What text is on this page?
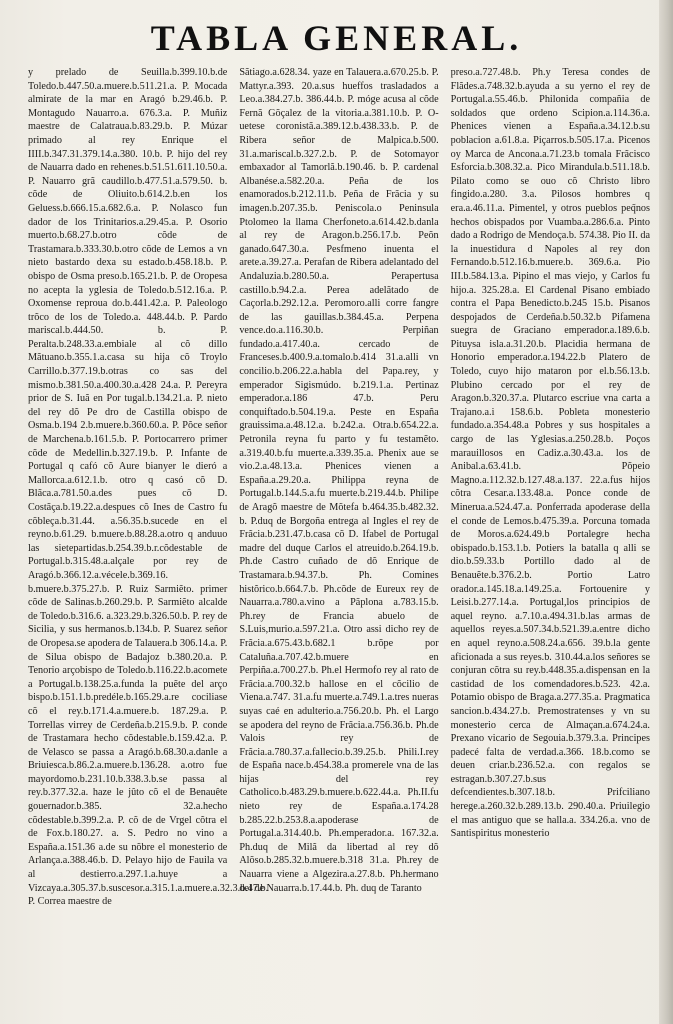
TABLA GENERAL.

y prelado de Seuilla.b.399.10.b.de Toledo.b.447.50.a.muere.b.511.21.a. P. Mocada almirate de la mar en Aragó b.29.46.b. P. Montagudo Nauarro.a. 676.3.a. P. Muñiz maestre de Calatraua.b.83.29.b. P. Múzar primado al rey Enrique el IIII.b.347.31.379.14.a.380. 10.b. P. hijo del rey de Nauarra dado en rehenes.b.51.51.611.10.50.a. P. Nauarro grã caudillo.b.477.51.a.579.50. b. cõde de Oliuito.b.614.2.b.en los Geluess.b.666.15.a.682.6.a. P. Nolasco fun dador de los Trinitarios.a.29.45.a. P. Osorio muerto.b.68.27.b.otro cõde de Trastamara.b.333.30.b.otro cõde de Lemos a vn nieto bastardo dexa su estado.b.458.18.b. P. obispo de Osma preso.b.165.21.b. P. de Oropesa no acepta la yglesia de Toledo.b.512.16.a. P. Oxomense reproua do.b.441.42.a. P. Paleologo trõco de los de Toledo.a. 448.44.b. P. Pardo mariscal.b.444.50. b. P. Peralta.b.248.33.a.embiale al cõ dillo Mãtuano.b.355.1.a.casa su hija cõ Troylo Carrillo.b.377.19.b.otras co sas del mismo.b.381.50.a.400.30.a.428 24.a. P. Pereyra prior de S. Iuã en Por tugal.b.134.21.a. P. nieto del rey dõ Pe dro de Castilla obispo de Osma.b.194 2.b.muere.b.360.60.a. P. Põce señor de Marchena.b.161.5.b. P. Portocarrero primer cõde de Medellin.b.327.19.b. P. Infante de Portugal q cafó cõ Aure bianyer le dieró a Mallorca.a.612.1.b. otro q casó cõ D. Blãca.a.781.50.a.des pues cõ D. Costãça.b.19.22.a.despues cõ Ines de Castro fu cõbleça.b.31.44. a.56.35.b.sucede en el reyno.b.61.29. b.muere.b.88.28.a.otro q anduuo las sietepartidas.b.254.39.b.r.cõdestable de Portugal.b.315.48.a.alçale por rey de Aragó.b.366.12.a.vécele.b.369.16. b.muere.b.375.27.b. P. Ruiz Sarmiẽto. primer cõde de Salinas.b.260.29.b. P. Sarmiẽto alcalde de Toledo.b.316.6. a.323.29.b.326.50.b. P. rey de Sicilia, y sus hermanos.b.134.b. P. Suarez señor de Oropesa.se apodera de Talauera.b 306.14.a. P. de Silua obispo de Badajoz b.380.20.a. P. Tenorio arçobispo de Toledo.b.116.22.b.acomete a Portugal.b.138.25.a.funda la puẽte del arço bispo.b.151.1.b.predéle.b.165.29.a.re cociliase cõ el rey.b.171.4.a.muere.b. 187.29.a. P. Torrellas virrey de Cerdeña.b.215.9.b. P. conde de Trastamara hecho cõdestable.b.159.42.a. P. de Velasco se passa a Aragó.b.68.30.a.danle a Briuiesca.b.86.2.a.muere.b.136.28. a.otro fue mayordomo.b.231.10.b.338.3.b.se passa al rey.b.377.32.a. haze le jûto cõ el de Benauête gouernador.b.385. 32.a.hecho cõdestable.b.399.2.a. P. cõ de de Vrgel cõtra el de Fox.b.180.27. a. S. Pedro no vino a España.a.151.36 a.de su nõbre el monesterio de Arlança.a.388.46.b. D. Pelayo hijo de Fauila va al destierro.a.297.1.a.huye a Vizcaya.a.305.37.b.suscesor.a.315.1.a.muere.a.32.3.b.47.b. P. Correa maestre de

Sãtiago.a.628.34. yaze en Talauera.a.670.25.b. P. Mattyr.a.393. 20.a.sus hueffos trasladados a Leo.a.384.27.b. 386.44.b. P. móge acusa al cõde Fernã Gõçalez de la vitoria.a.381.10.b. P. O-uetese coronistã.a.389.12.b.438.33.b. P. de Ribera señor de Malpica.b.500. 31.a.mariscal.b.327.2.b. P. de Sotomayor embaxador al Tamorlã.b.190.46. b. P. cardenal Albanése.a.582.20.a. Peña de los enamorados.b.212.11.b. Peña de Frãcia y su imagen.b.207.35.b. Peniscola.o Peninsula Ptolomeo la llama Cherfoneto.a.614.42.b.danla al rey de Aragon.b.256.17.b. Peõn ganado.647.30.a. Pesfmeno inuenta el arete.a.39.27.a. Perafan de Ribera adelantado del Andaluzia.b.280.50.a. Perapertusa castillo.b.94.2.a. Perea adelãtado de Caçorla.b.292.12.a. Peromoro.alli corre fangre de las gauillas.b.384.45.a. Perpena vence.do.a.116.30.b. Perpiñan fundado.a.417.40.a. cercado de Franceses.b.400.9.a.tomalo.b.414 31.a.alli vn concilio.b.206.22.a.habla del Papa.rey, y emperador Sigismúdo. b.219.1.a. Pertinaz emperador.a.186 47.b. Peru conquiftado.b.504.19.a. Peste en España grauissima.a.48.12.a. b.242.a. Otra.b.654.22.a. Petronila reyna fu parto y fu testamẽto. a.319.40.b.fu muerte.a.339.35.a. Phenix aue se vio.2.a.48.13.a. Phenices vienen a España.a.29.20.a. Philippa reyna de Portugal.b.144.5.a.fu muerte.b.219.44.b. Philipe de Aragõ maestre de Mõtefa b.464.35.b.482.32. b. P.duq de Borgoña entrega al Ingles el rey de Frãcia.b.231.47.b.casa cõ D. Ifabel de Portugal madre del duque Carlos el atreuido.b.264.19.b. Ph.de Castro cuñado de dõ Enrique de Trastamara.b.94.37.b. Ph. Comines histõrico.b.664.7.b. Ph.cõde de Eureux rey de Nauarra.a.780.a.vino a Pãplona a.783.15.b. Ph.rey de Francia abuelo de S.Luis,murio.a.597.21.a. Otro assi dicho rey de Frãcia.a.675.43.b.682.1 b.rõpe por Cataluña.a.707.42.b.muere en Perpiña.a.700.27.b. Ph.el Hermofo rey al rato de Frãcia.a.700.32.b hallose en el cõcilio de Viena.a.747. 31.a.fu muerte.a.749.1.a.tres nueras suyas caé en adulterio.a.756.20.b. Ph. el Largo se apodera del reyno de Frãcia.a.756.36.b. Ph.de Valois rey de Frãcia.a.780.37.a.fallecio.b.39.25.b. Phili.I.rey de España nace.b.454.38.a promerele vna de las hijas del rey Catholico.b.483.29.b.muere.b.622.44.a. Ph.II.fu nieto rey de España.a.174.28 b.285.22.b.253.8.a.apoderase de Portugal.a.314.40.b. Ph.emperador.a. 167.32.a. Ph.duq de Milã da libertad al rey dõ Alõso.b.285.32.b.muere.b.318 31.a. Ph.rey de Nauarra viene a Algezira.a.27.8.b. Ph.hermano del de Nauarra.b.17.44.b. Ph. duq de Taranto

preso.a.727.48.b. Ph.y Teresa condes de Flãdes.a.748.32.b.ayuda a su yerno el rey de Portugal.a.55.46.b. Philonida compañia de soldados que ordeno Scipion.a.114.36.a. Phenices vienen a España.a.34.12.b.su poblacion a.61.8.a. Piçarros.b.505.17.a. Picenos oy Marca de Ancona.a.71.23.b tomala Frãcisco Esforcia.b.308.32.a. Pico Mirandula.b.511.18.b. Pilato como se ouo cõ Christo libro fingido.a.280. 3.a. Pilosos hombres q era.a.46.11.a. Pimentel, y otros pueblos peq̃nos hechos obispados por Vuamba.a.286.6.a. Pinto dado a Rodrigo de Mendoça.b. 574.38. Pio II. da la inuestidura d Napoles al rey don Fernando.b.512.16.b.muere.b. 369.6.a. Pio III.b.584.13.a. Pipino el mas viejo, y Carlos fu hijo.a. 325.28.a. El Cardenal Pisano embiado contra el Papa Benedicto.b.245 15.b. Pisanos despojados de Cerdeña.b.50.32.b Pifamena suegra de Graciano emperador.a.189.6.b. Pituysa isla.a.31.20.b. Placidia hermana de Honorio emperador.a.194.22.b Platero de Toledo, cuyo hijo mataron por el.b.56.13.b. Plubino cercado por el rey de Aragon.b.320.37.a. Plutarco escriue vna carta a Trajano.a.i 158.6.b. Pobleta monesterio fundado.a.354.48.a Pobres y sus hospitales a cargo de las Yglesias.a.250.28.b. Poços marauillosos en Cadiz.a.30.43.a. los de Anibal.a.63.41.b. Põpeio Magno.a.112.32.b.127.48.a.137. 22.a.fus hijos cõtra Cesar.a.133.48.a. Ponce conde de Minerua.a.524.47.a. Ponferrada apoderase della el conde de Lemos.b.475.39.a. Porcuna tomada de Moros.a.624.49.b Portalegre hecha obispado.b.153.1.b. Potiers la batalla q alli se dio.b.59.33.b Portillo dado al de Benauẽte.b.376.2.b. Portio Latro orador.a.145.18.a.149.25.a. Fortouenire y Leisi.b.277.14.a. Portugal,los principios de aquel reyno. a.7.10.a.494.31.b.las armas de aquellos reyes.a.507.34.b.521.39.a.entre dicho en aquel reyno.a.508.24.a.656. 39.b.la gente aficionada a sus reyes.b. 310.44.a.los señores se conjuran cõtra su rey.b.448.35.a.dispensan en la castidad de los comendadores.b.523. 42.a. Potamio obispo de Braga.a.277.35.a. Pragmatica sancion.b.434.27.b. Premostratenses y vn su monesterio cerca de Almaçan.a.674.24.a. Prexano vicario de Segouia.b.379.3.a. Principes padecé falta de verdad.a.366. 18.b.como se deuen criar.b.236.52.a. con regalos se estragan.b.307.27.b.sus defcendientes.b.307.18.b. Prifciliano herege.a.260.32.b.289.13.b. 290.40.a. Priuilegio el mas antiguo que se halla.a. 334.26.a. vno de Santispiritus monesterio
